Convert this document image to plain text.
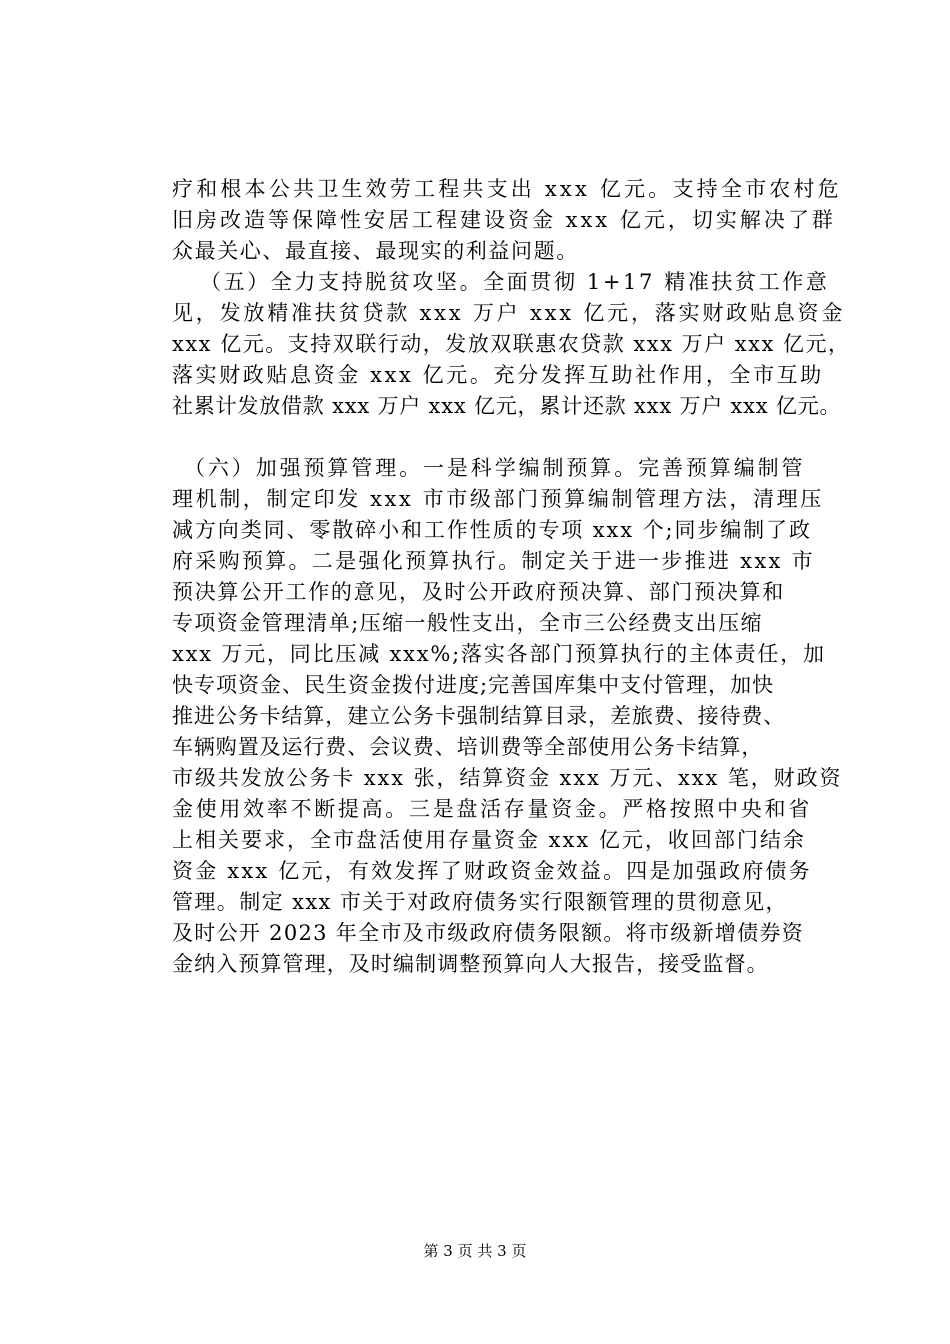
疗和根本公共卫生效劳工程共支出 xxx 亿元。支持全市农村危
旧房改造等保障性安居工程建设资金 xxx 亿元，切实解决了群
众最关心、最直接、最现实的利益问题。
（五）全力支持脱贫攻坚。全面贯彻 1+17 精准扶贫工作意
见，发放精准扶贫贷款 xxx 万户 xxx 亿元，落实财政贴息资金
xxx 亿元。支持双联行动，发放双联惠农贷款 xxx 万户 xxx 亿元，
落实财政贴息资金 xxx 亿元。充分发挥互助社作用，全市互助
社累计发放借款 xxx 万户 xxx 亿元，累计还款 xxx 万户 xxx 亿元。
（六）加强预算管理。一是科学编制预算。完善预算编制管
理机制，制定印发 xxx 市市级部门预算编制管理方法，清理压
减方向类同、零散碎小和工作性质的专项 xxx 个;同步编制了政
府采购预算。二是强化预算执行。制定关于进一步推进 xxx 市
预决算公开工作的意见，及时公开政府预决算、部门预决算和
专项资金管理清单;压缩一般性支出，全市三公经费支出压缩
xxx 万元，同比压减 xxx%;落实各部门预算执行的主体责任，加
快专项资金、民生资金拨付进度;完善国库集中支付管理，加快
推进公务卡结算，建立公务卡强制结算目录，差旅费、接待费、
车辆购置及运行费、会议费、培训费等全部使用公务卡结算，
市级共发放公务卡 xxx 张，结算资金 xxx 万元、xxx 笔，财政资
金使用效率不断提高。三是盘活存量资金。严格按照中央和省
上相关要求，全市盘活使用存量资金 xxx 亿元，收回部门结余
资金 xxx 亿元，有效发挥了财政资金效益。四是加强政府债务
管理。制定 xxx 市关于对政府债务实行限额管理的贯彻意见，
及时公开 2023 年全市及市级政府债务限额。将市级新增债券资
金纳入预算管理，及时编制调整预算向人大报告，接受监督。
第 3 页 共 3 页
